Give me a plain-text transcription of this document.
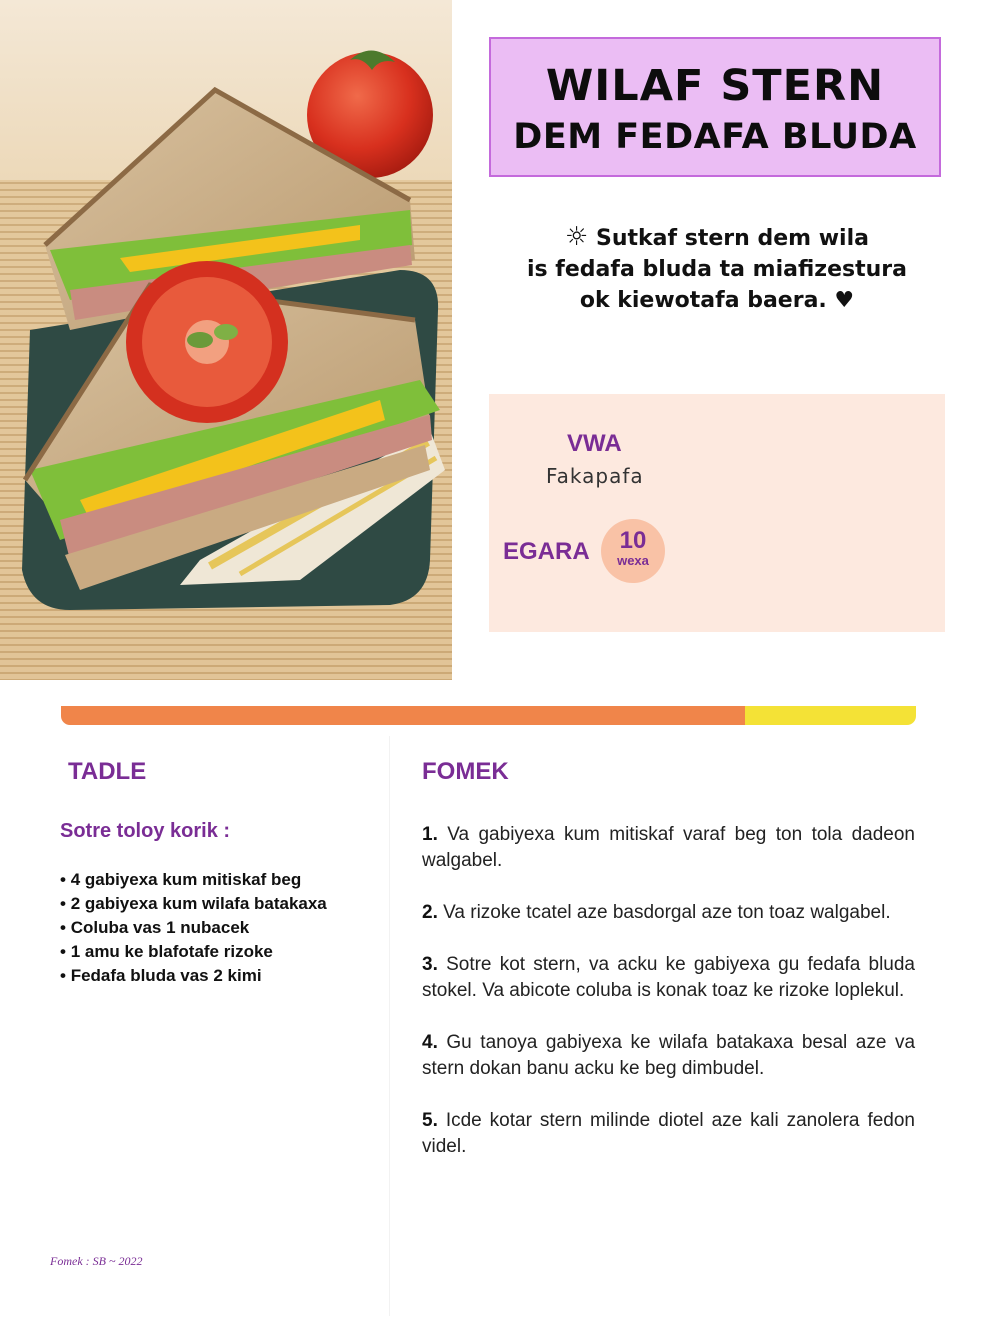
WILAF STERN
DEM FEDAFA BLUDA
☼ Sutkaf stern dem wila
is fedafa bluda ta miafizestura
ok kiewotafa baera. ♥
VWA
Fakapafa
EGARA	10
wexa
TADLE
Sotre toloy korik :
• 4 gabiyexa kum mitiskaf beg
• 2 gabiyexa kum wilafa batakaxa
• Coluba vas 1 nubacek
• 1 amu ke blafotafe rizoke
• Fedafa bluda vas 2 kimi
FOMEK

1. Va gabiyexa kum mitiskaf varaf beg ton tola dadeon walgabel.

2. Va rizoke tcatel aze basdorgal aze ton toaz walgabel.

3. Sotre kot stern, va acku ke gabiyexa gu fedafa bluda stokel. Va abicote coluba is konak toaz ke rizoke loplekul.

4. Gu tanoya gabiyexa ke wilafa batakaxa besal aze va stern dokan banu acku ke beg dimbudel.

5. Icde kotar stern milinde diotel aze kali zanolera fedon videl.

Fomek : SB ~ 2022
